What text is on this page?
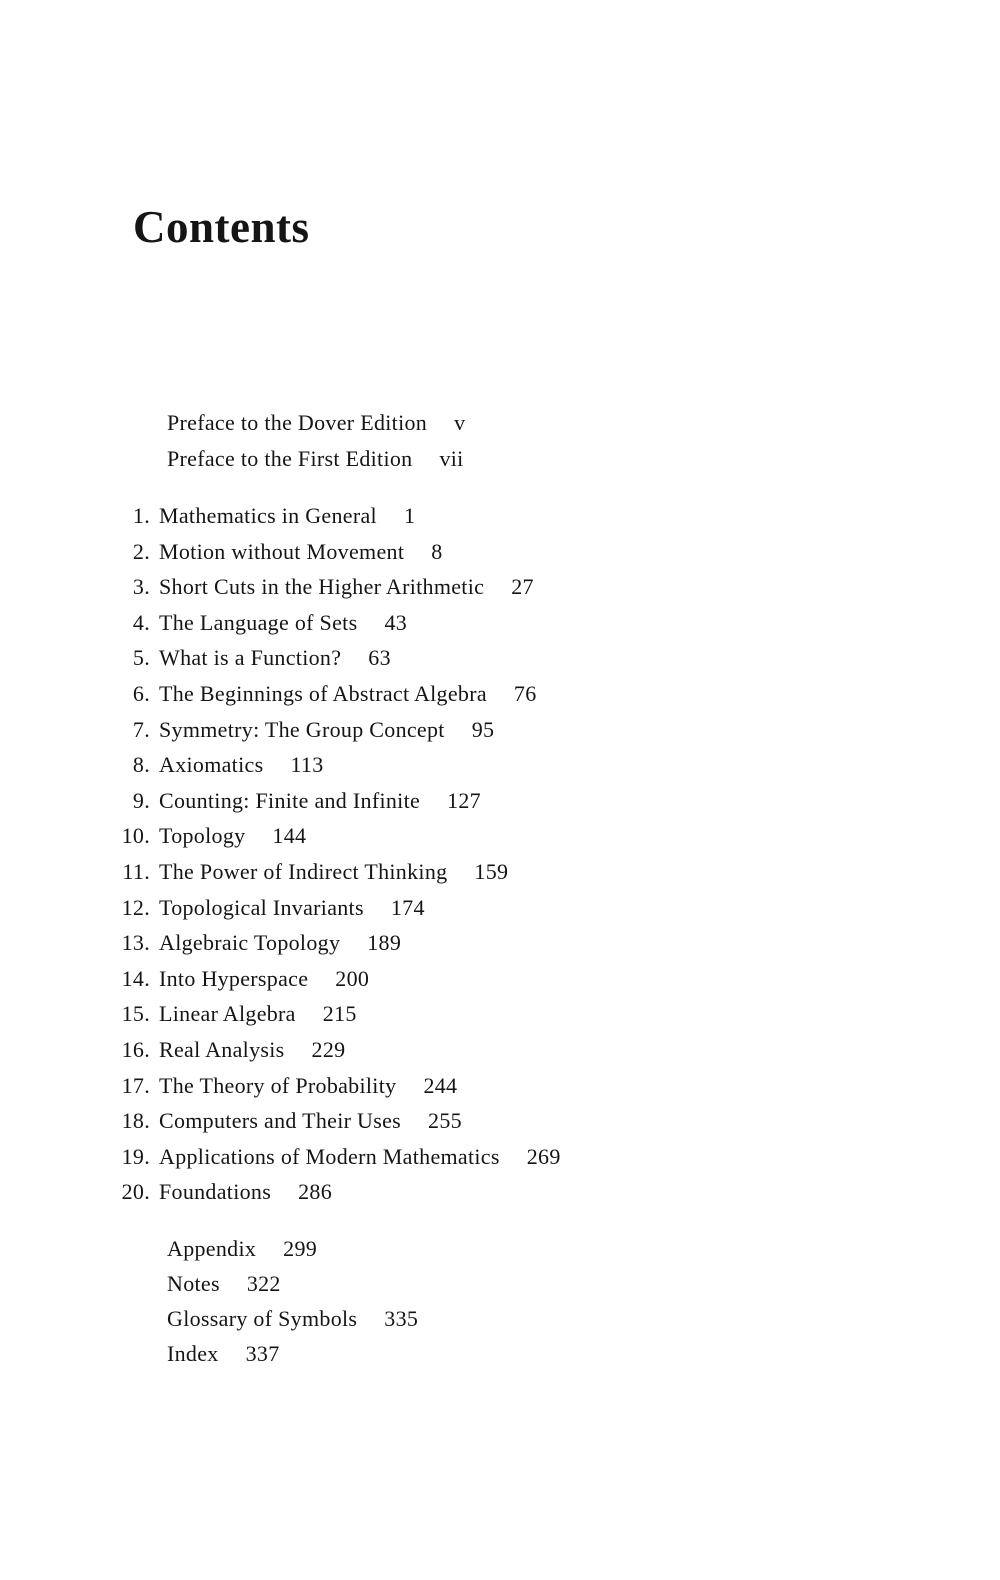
Contents
Preface to the Dover Edition v
Preface to the First Edition vii
1. Mathematics in General 1
2. Motion without Movement 8
3. Short Cuts in the Higher Arithmetic 27
4. The Language of Sets 43
5. What is a Function? 63
6. The Beginnings of Abstract Algebra 76
7. Symmetry: The Group Concept 95
8. Axiomatics 113
9. Counting: Finite and Infinite 127
10. Topology 144
11. The Power of Indirect Thinking 159
12. Topological Invariants 174
13. Algebraic Topology 189
14. Into Hyperspace 200
15. Linear Algebra 215
16. Real Analysis 229
17. The Theory of Probability 244
18. Computers and Their Uses 255
19. Applications of Modern Mathematics 269
20. Foundations 286
Appendix 299
Notes 322
Glossary of Symbols 335
Index 337
